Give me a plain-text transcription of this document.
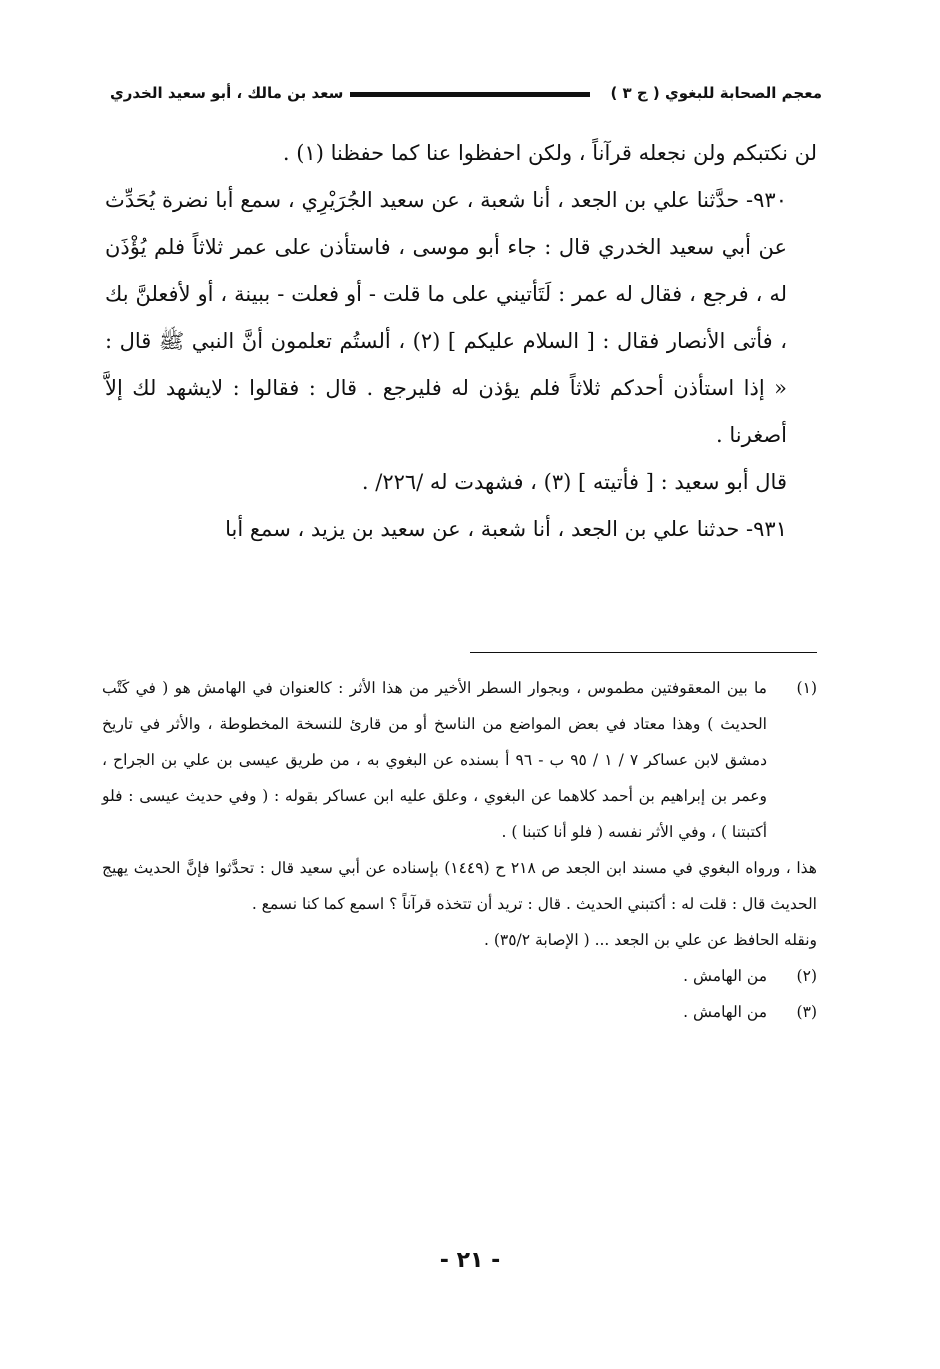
معجم الصحابة للبغوي ( ج ٣ )
سعد بن مالك ، أبو سعيد الخدري

لن نكتبكم ولن نجعله قرآناً ، ولكن احفظوا عنا كما حفظنا (١) .

٩٣٠- حدَّثنا علي بن الجعد ، أنا شعبة ، عن سعيد الجُرَيْرِي ، سمع أبا نضرة يُحَدِّث عن أبي سعيد الخدري قال : جاء أبو موسى ، فاستأذن على عمر ثلاثاً فلم يُؤْذَن له ، فرجع ، فقال له عمر : لَتَأتيني على ما قلت - أو فعلت - ببينة ، أو لأفعلنَّ بك ، فأتى الأنصار فقال : [ السلام عليكم ] (٢) ، ألستُم تعلمون أنَّ النبي ﷺ قال : « إذا استأذن أحدكم ثلاثاً فلم يؤذن له فليرجع . قال : فقالوا : لايشهد لك إلاَّ أصغرنا .

قال أبو سعيد : [ فأتيته ] (٣) ، فشهدت له /٢٢٦/ .

٩٣١- حدثنا علي بن الجعد ، أنا شعبة ، عن سعيد بن يزيد ، سمع أبا

(١)

ما بين المعقوفتين مطموس ، وبجوار السطر الأخير من هذا الأثر : كالعنوان في الهامش هو ( في كَتْب الحديث ) وهذا معتاد في بعض المواضع من الناسخ أو من قارئ للنسخة المخطوطة ، والأثر في تاريخ دمشق لابن عساكر ٧ / ١ / ٩٥ ب - ٩٦ أ بسنده عن البغوي به ، من طريق عيسى بن علي بن الجراح ، وعمر بن إبراهيم بن أحمد كلاهما عن البغوي ، وعلق عليه ابن عساكر بقوله : ( وفي حديث عيسى : فلو أكتبتنا ) ، وفي الأثر نفسه ( فلو أنا كتبنا ) .

هذا ، ورواه البغوي في مسند ابن الجعد ص ٢١٨ ح (١٤٤٩) بإسناده عن أبي سعيد قال : تحدَّثوا فإنَّ الحديث يهيج الحديث قال : قلت له : أكتبني الحديث . قال : تريد أن تتخذه قرآناً ؟ اسمع كما كنا نسمع .

ونقله الحافظ عن علي بن الجعد ... ( الإصابة ٣٥/٢) .

(٢)

من الهامش .

(٣)

من الهامش .

- ٢١ -
